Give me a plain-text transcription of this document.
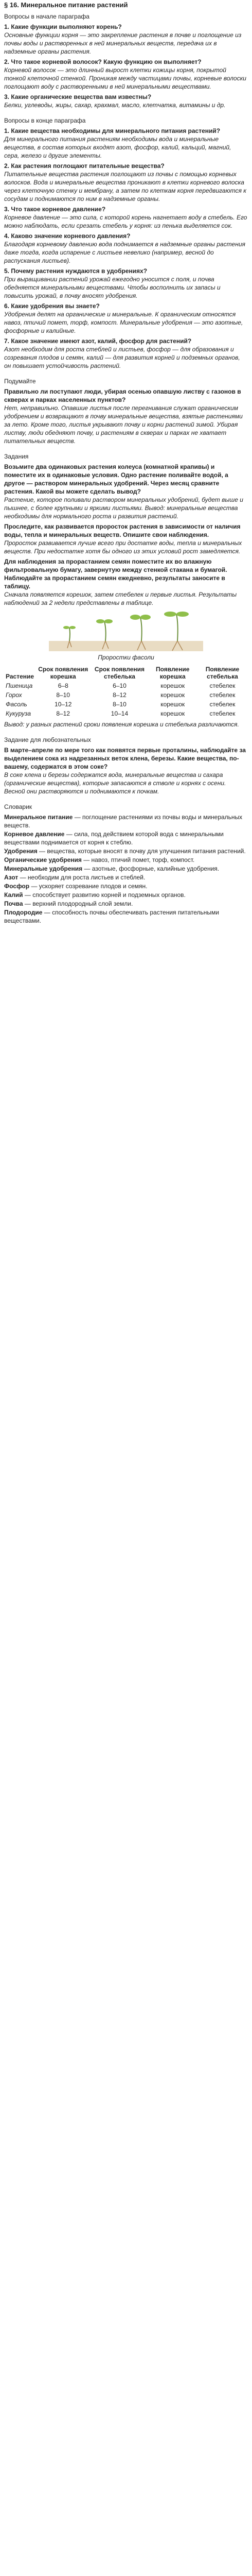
§ 16. Минеральное питание растений
Вопросы в начале параграфа

1. Какие функции выполняют корень?

Основные функции корня — это закрепление растения в почве и поглощение из почвы воды и растворенных в ней минеральных веществ, передача их в надземные органы растения.

2. Что такое корневой волосок? Какую функцию он выполняет?

Корневой волосок — это длинный вырост клетки кожицы корня, покрытой тонкой клеточной стенкой. Проникая между частицами почвы, корневые волоски поглощают воду с растворенными в ней минеральными веществами.

3. Какие органические вещества вам известны?

Белки, углеводы, жиры, сахар, крахмал, масло, клетчатка, витамины и др.

Вопросы в конце параграфа

1. Какие вещества необходимы для минерального питания растений?

Для минерального питания растениям необходимы вода и минеральные вещества, в состав которых входят азот, фосфор, калий, кальций, магний, сера, железо и другие элементы.

2. Как растения поглощают питательные вещества?

Питательные вещества растения поглощают из почвы с помощью корневых волосков. Вода и минеральные вещества проникают в клетки корневого волоска через клеточную стенку и мембрану, а затем по клеткам корня передвигаются к сосудам и поднимаются по ним в надземные органы.

3. Что такое корневое давление?

Корневое давление — это сила, с которой корень нагнетает воду в стебель. Его можно наблюдать, если срезать стебель у корня: из пенька выделяется сок.

4. Каково значение корневого давления?

Благодаря корневому давлению вода поднимается в надземные органы растения даже тогда, когда испарение с листьев невелико (например, весной до распускания листьев).

5. Почему растения нуждаются в удобрениях?

При выращивании растений урожай ежегодно уносится с поля, и почва обедняется минеральными веществами. Чтобы восполнить их запасы и повысить урожай, в почву вносят удобрения.

6. Какие удобрения вы знаете?

Удобрения делят на органические и минеральные. К органическим относятся навоз, птичий помет, торф, компост. Минеральные удобрения — это азотные, фосфорные и калийные.

7. Какое значение имеют азот, калий, фосфор для растений?

Азот необходим для роста стеблей и листьев, фосфор — для образования и созревания плодов и семян, калий — для развития корней и подземных органов, он повышает устойчивость растений.

Подумайте

Правильно ли поступают люди, убирая осенью опавшую листву с газонов в скверах и парках населенных пунктов?

Нет, неправильно. Опавшие листья после перегнивания служат органическим удобрением и возвращают в почву минеральные вещества, взятые растениями за лето. Кроме того, листья укрывают почву и корни растений зимой. Убирая листву, люди обедняют почву, и растениям в скверах и парках не хватает питательных веществ.

Задания

Возьмите два одинаковых растения колеуса (комнатной крапивы) и поместите их в одинаковые условия. Одно растение поливайте водой, а другое — раствором минеральных удобрений. Через месяц сравните растения. Какой вы можете сделать вывод?

Растение, которое поливали раствором минеральных удобрений, будет выше и пышнее, с более крупными и яркими листьями. Вывод: минеральные вещества необходимы для нормального роста и развития растений.

Проследите, как развивается проросток растения в зависимости от наличия воды, тепла и минеральных веществ. Опишите свои наблюдения.

Проросток развивается лучше всего при достатке воды, тепла и минеральных веществ. При недостатке хотя бы одного из этих условий рост замедляется.

Для наблюдения за прорастанием семян поместите их во влажную фильтровальную бумагу, завернутую между стенкой стакана и бумагой. Наблюдайте за прорастанием семян ежедневно, результаты заносите в таблицу.

Сначала появляется корешок, затем стебелек и первые листья. Результаты наблюдений за 2 недели представлены в таблице.

Проростки фасоли
Растение	Срок появления корешка	Срок появления стебелька	Появление корешка	Появление стебелька
Пшеница	6–8	6–10	корешок	стебелек
Горох	8–10	8–12	корешок	стебелек
Фасоль	10–12	8–10	корешок	стебелек
Кукуруза	8–12	10–14	корешок	стебелек

Вывод: у разных растений сроки появления корешка и стебелька различаются.

Задание для любознательных

В марте–апреле по мере того как появятся первые проталины, наблюдайте за выделением сока из надрезанных веток клена, березы. Какие вещества, по-вашему, содержатся в этом соке?

В соке клена и березы содержатся вода, минеральные вещества и сахара (органические вещества), которые запасаются в стволе и корнях с осени. Весной они растворяются и поднимаются к почкам.

Словарик

Минеральное питание — поглощение растениями из почвы воды и минеральных веществ.

Корневое давление — сила, под действием которой вода с минеральными веществами поднимается от корня к стеблю.

Удобрения — вещества, которые вносят в почву для улучшения питания растений.

Органические удобрения — навоз, птичий помет, торф, компост.

Минеральные удобрения — азотные, фосфорные, калийные удобрения.

Азот — необходим для роста листьев и стеблей.

Фосфор — ускоряет созревание плодов и семян.

Калий — способствует развитию корней и подземных органов.

Почва — верхний плодородный слой земли.

Плодородие — способность почвы обеспечивать растения питательными веществами.
